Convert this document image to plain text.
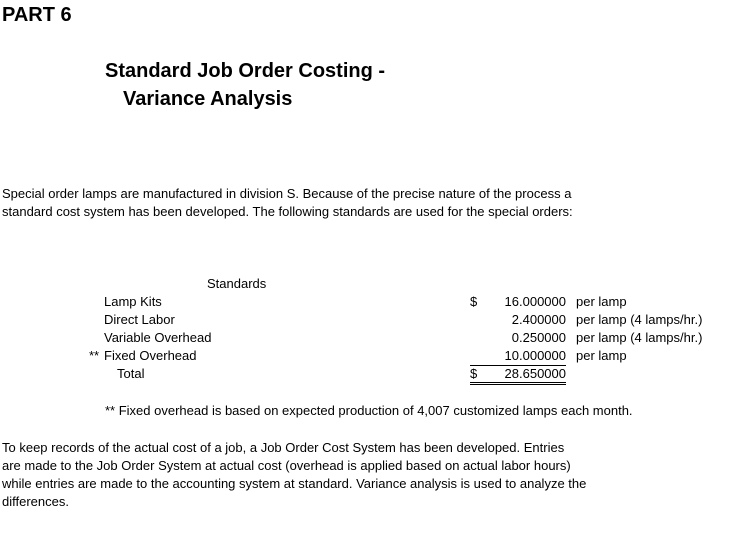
PART 6
Standard Job Order Costing -
Variance Analysis
Special order lamps are manufactured in division S. Because of the precise nature of the process a
standard cost system has been developed. The following standards are used for the special orders:
Standards
Lamp Kits	$ 16.000000 per lamp
Direct Labor	2.400000 per lamp (4 lamps/hr.)
Variable Overhead	0.250000 per lamp (4 lamps/hr.)
** Fixed Overhead	10.000000 per lamp
Total	$ 28.650000
** Fixed overhead is based on expected production of 4,007 customized lamps each month.
To keep records of the actual cost of a job, a Job Order Cost System has been developed. Entries
are made to the Job Order System at actual cost (overhead is applied based on actual labor hours)
while entries are made to the accounting system at standard. Variance analysis is used to analyze the
differences.
